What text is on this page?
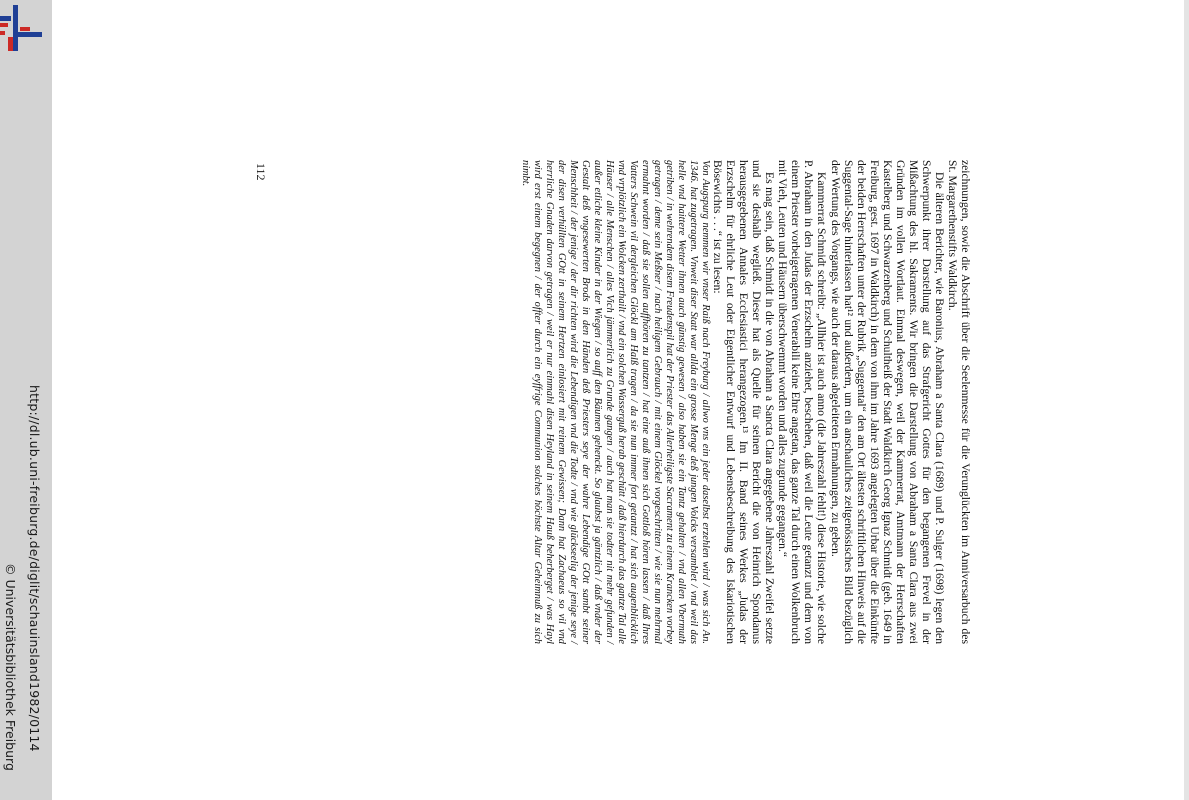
http://dl.ub.uni-freiburg.de/diglit/schauinsland1982/0114
© Universitätsbibliothek Freiburg
112	zeichnungen, sowie die Abschrift über die Seelenmesse für die Verunglückten im Anniversarbuch des St. Margarethenstifts Waldkirch.

Die älteren Berichter, wie Baronius, Abraham a Santa Clara (1689) und P. Sulger (1698) legen den Schwerpunkt ihrer Darstellung auf das Strafgericht Gottes für den begangenen Frevel in der Mißachtung des hl. Sakraments. Wir bringen die Darstellung von Abraham a Santa Clara aus zwei Gründen im vollen Wortlaut. Einmal deswegen, weil der Kammerrat, Amtmann der Herrschaften Kastelberg und Schwarzenberg und Schultheiß der Stadt Waldkirch Georg Ignaz Schmidt (geb. 1649 in Freiburg, gest. 1697 in Waldkirch) in dem von ihm im Jahre 1693 angelegten Urbar über die Einkünfte der beiden Herrschaften unter der Rubrik „Suggental“ den am Ort ältesten schriftlichen Hinweis auf die Suggental-Sage hinterlassen hat¹² und außerdem, um ein anschauliches zeitgenössisches Bild bezüglich der Wertung des Vorgangs, wie auch der daraus abgeleiteten Ermahnungen, zu geben.

Kammerrat Schmidt schreibt: „Allhier ist auch anno (die Jahreszahl fehlt!) diese Historie, wie solche P. Abraham in den Judas der Erzschelm anziehet, beschehen, daß weil die Leute getanzt und dem von einem Priester vorbeigetragenen Venerabili keine Ehre angetan, das ganze Tal durch einen Wolkenbruch mit Vieh, Leuten und Häusern überschwemmt worden und alles zugrunde gegangen.“

Es mag sein, daß Schmidt in die von Abraham a Sancta Clara angegebene Jahreszahl Zweifel setzte und sie deshalb wegließ. Dieser hat als Quelle für seinen Bericht die von Heinrich Spondanus herausgegebenen Annales Ecclesiastici herangezogen.¹³ Im II. Band seines Werkes „Judas der Erzschelm für ehrliche Leut oder Eigentlicher Entwurf und Lebensbeschreibung des Iskariotischen Bösewichts . . .“ ist zu lesen:

Von Augspurg nemmen wir vnser Raiß nach Freyburg / allwo vns ein jeder daselbst erzehlen wird / was sich An. 1346. hat zugetragen. Vnweit diser Statt war allda ein grosse Menge deß jungen Volcks versamblet / vnd weil das helle vnd haittere Wetter ihnen auch günstig gewesen / also haben sie ein Tantz gehalten / vnd allen Vbermuth getriben / in wehrendem disem Freudenspil hat der Priester das Allerheiligste Sacrament zu einem Krancken vorbey getragen / deme sein Meßner / nach heiligem Gebrauch / mit einem Glöckel vorgeschritten / wie sie nun mehrmal ermahnt worden / daß sie sollen auffhören zu tantzen / hat eine auß ihnen sich Gottloß hören lassen / daß Ihres Vatters Schwein vil dergleichen Glöckl am Halß tragen / da sie nun immer fort getantzt / hat sich augenblicklich vnd vrplötzlich ein Wolcken zerthailt / vnd ein solchen Wasserguß herab geschütt / daß hierdurch das gantze Tal alle Häuser / alle Menschen / alles Vich jämmerlich zu Grunde gangen / auch hat man sie todter nit mehr gefunden / außer etliche kleine Kinder in der Wiegen / so auff den Bäumen gehenckt. So glaubst ja gäntzlich / daß vnder der Gestalt deß vngesewerten Brods in den Händen deß Priesters seye der wahre Lebendige GOtt sambt seiner Menschheit / der jenige / der dir richten wird die Lebendigen vnd die Todte / vnd wie glückseelig der jenige seye / der disen verhüllten GOtt in seinem Hertzen einlosiert mit reinem Gewissen; Dann hat Zachaeus so vil vnd herrliche Gnaden darvon getragen / weil er nur einmahl disen Heyland in seinem Hauß beherberget / was Hayl wird erst einem begegnen / der offter durch ein eyffrige Communion solches höchste Altar Geheimnuß zu sich nimbt.
